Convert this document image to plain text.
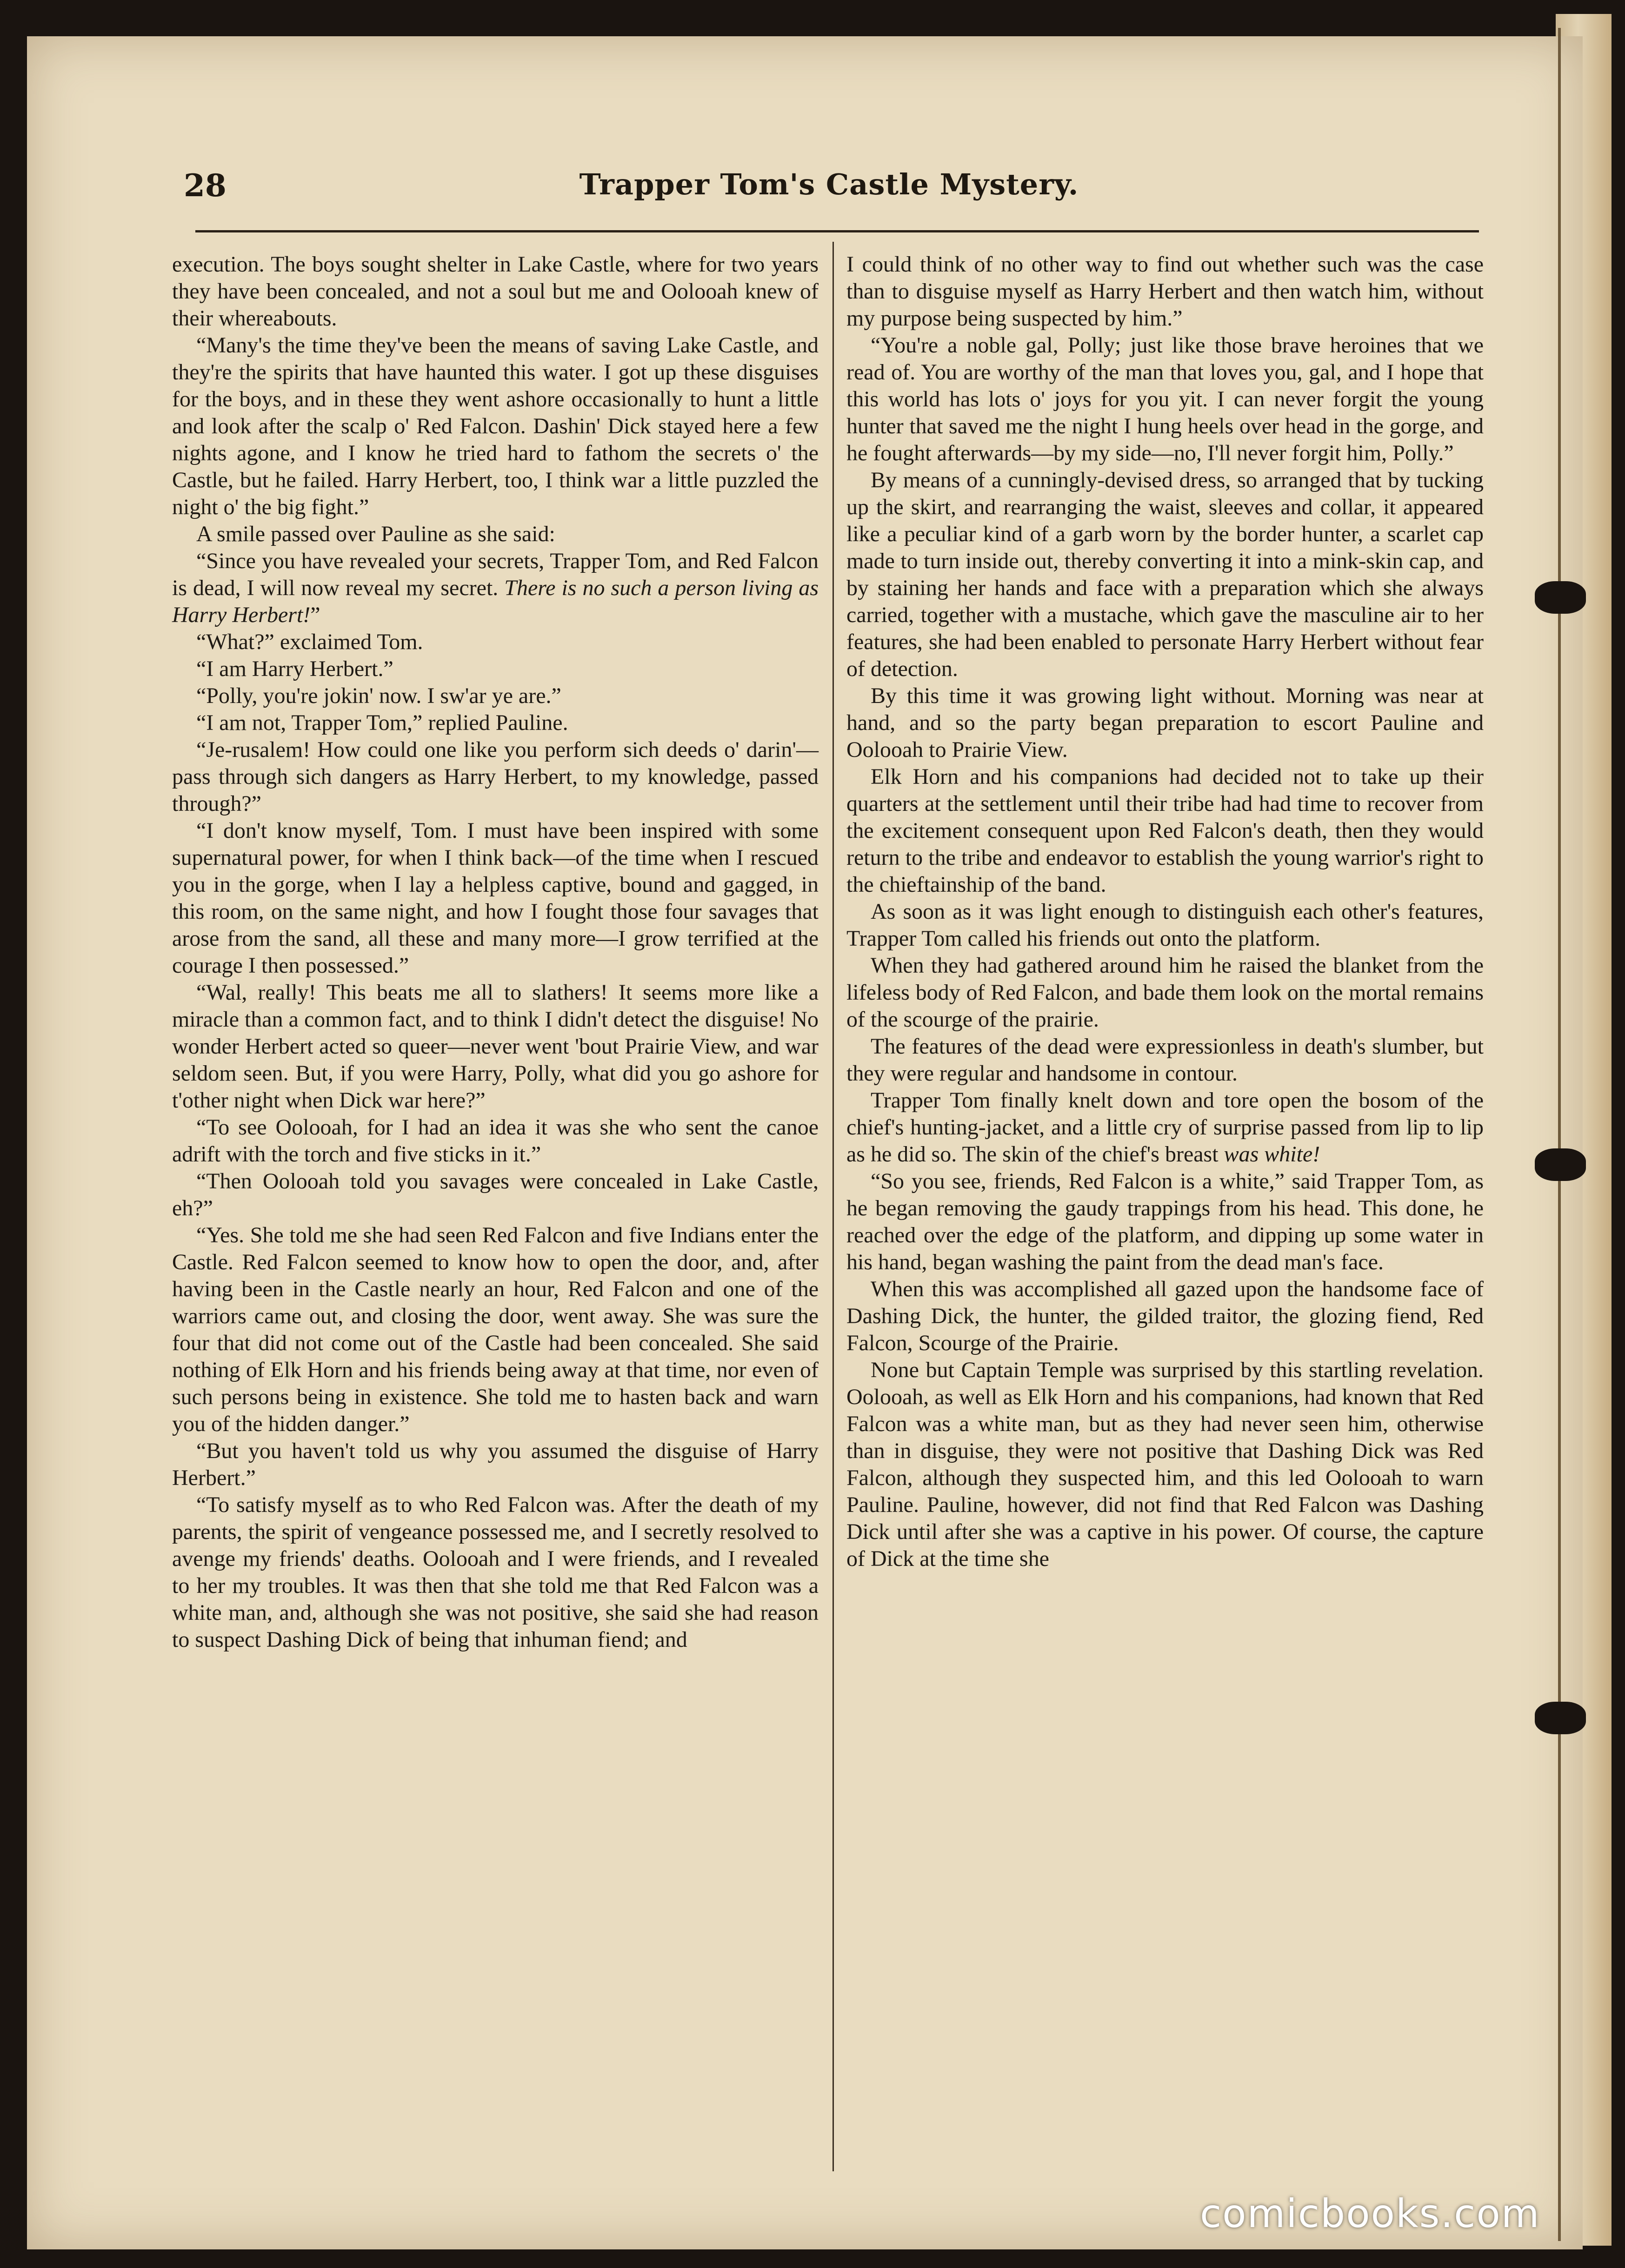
28	Trapper Tom's Castle Mystery.

execution. The boys sought shelter in Lake Castle, where for two years they have been concealed, and not a soul but me and Oolooah knew of their whereabouts.

“Many's the time they've been the means of saving Lake Castle, and they're the spirits that have haunted this water. I got up these disguises for the boys, and in these they went ashore occasionally to hunt a little and look after the scalp o' Red Falcon. Dashin' Dick stayed here a few nights agone, and I know he tried hard to fathom the secrets o' the Castle, but he failed. Harry Herbert, too, I think war a little puzzled the night o' the big fight.”

A smile passed over Pauline as she said:

“Since you have revealed your secrets, Trapper Tom, and Red Falcon is dead, I will now reveal my secret. There is no such a person living as Harry Herbert!”

“What?” exclaimed Tom.

“I am Harry Herbert.”

“Polly, you're jokin' now. I sw'ar ye are.”

“I am not, Trapper Tom,” replied Pauline.

“Je-rusalem! How could one like you perform sich deeds o' darin'—pass through sich dangers as Harry Herbert, to my knowledge, passed through?”

“I don't know myself, Tom. I must have been inspired with some supernatural power, for when I think back—of the time when I rescued you in the gorge, when I lay a helpless captive, bound and gagged, in this room, on the same night, and how I fought those four savages that arose from the sand, all these and many more—I grow terrified at the courage I then possessed.”

“Wal, really! This beats me all to slathers! It seems more like a miracle than a common fact, and to think I didn't detect the disguise! No wonder Herbert acted so queer—never went 'bout Prairie View, and war seldom seen. But, if you were Harry, Polly, what did you go ashore for t'other night when Dick war here?”

“To see Oolooah, for I had an idea it was she who sent the canoe adrift with the torch and five sticks in it.”

“Then Oolooah told you savages were concealed in Lake Castle, eh?”

“Yes. She told me she had seen Red Falcon and five Indians enter the Castle. Red Falcon seemed to know how to open the door, and, after having been in the Castle nearly an hour, Red Falcon and one of the warriors came out, and closing the door, went away. She was sure the four that did not come out of the Castle had been concealed. She said nothing of Elk Horn and his friends being away at that time, nor even of such persons being in existence. She told me to hasten back and warn you of the hidden danger.”

“But you haven't told us why you assumed the disguise of Harry Herbert.”

“To satisfy myself as to who Red Falcon was. After the death of my parents, the spirit of vengeance possessed me, and I secretly resolved to avenge my friends' deaths. Oolooah and I were friends, and I revealed to her my troubles. It was then that she told me that Red Falcon was a white man, and, although she was not positive, she said she had reason to suspect Dashing Dick of being that inhuman fiend; and

I could think of no other way to find out whether such was the case than to disguise myself as Harry Herbert and then watch him, without my purpose being suspected by him.”

“You're a noble gal, Polly; just like those brave heroines that we read of. You are worthy of the man that loves you, gal, and I hope that this world has lots o' joys for you yit. I can never forgit the young hunter that saved me the night I hung heels over head in the gorge, and he fought afterwards—by my side—no, I'll never forgit him, Polly.”

By means of a cunningly-devised dress, so arranged that by tucking up the skirt, and rearranging the waist, sleeves and collar, it appeared like a peculiar kind of a garb worn by the border hunter, a scarlet cap made to turn inside out, thereby converting it into a mink-skin cap, and by staining her hands and face with a preparation which she always carried, together with a mustache, which gave the masculine air to her features, she had been enabled to personate Harry Herbert without fear of detection.

By this time it was growing light without. Morning was near at hand, and so the party began preparation to escort Pauline and Oolooah to Prairie View.

Elk Horn and his companions had decided not to take up their quarters at the settlement until their tribe had had time to recover from the excitement consequent upon Red Falcon's death, then they would return to the tribe and endeavor to establish the young warrior's right to the chieftainship of the band.

As soon as it was light enough to distinguish each other's features, Trapper Tom called his friends out onto the platform.

When they had gathered around him he raised the blanket from the lifeless body of Red Falcon, and bade them look on the mortal remains of the scourge of the prairie.

The features of the dead were expressionless in death's slumber, but they were regular and handsome in contour.

Trapper Tom finally knelt down and tore open the bosom of the chief's hunting-jacket, and a little cry of surprise passed from lip to lip as he did so. The skin of the chief's breast was white!

“So you see, friends, Red Falcon is a white,” said Trapper Tom, as he began removing the gaudy trappings from his head. This done, he reached over the edge of the platform, and dipping up some water in his hand, began washing the paint from the dead man's face.

When this was accomplished all gazed upon the handsome face of Dashing Dick, the hunter, the gilded traitor, the glozing fiend, Red Falcon, Scourge of the Prairie.

None but Captain Temple was surprised by this startling revelation. Oolooah, as well as Elk Horn and his companions, had known that Red Falcon was a white man, but as they had never seen him, otherwise than in disguise, they were not positive that Dashing Dick was Red Falcon, although they suspected him, and this led Oolooah to warn Pauline. Pauline, however, did not find that Red Falcon was Dashing Dick until after she was a captive in his power. Of course, the capture of Dick at the time she

comicbooks.com
